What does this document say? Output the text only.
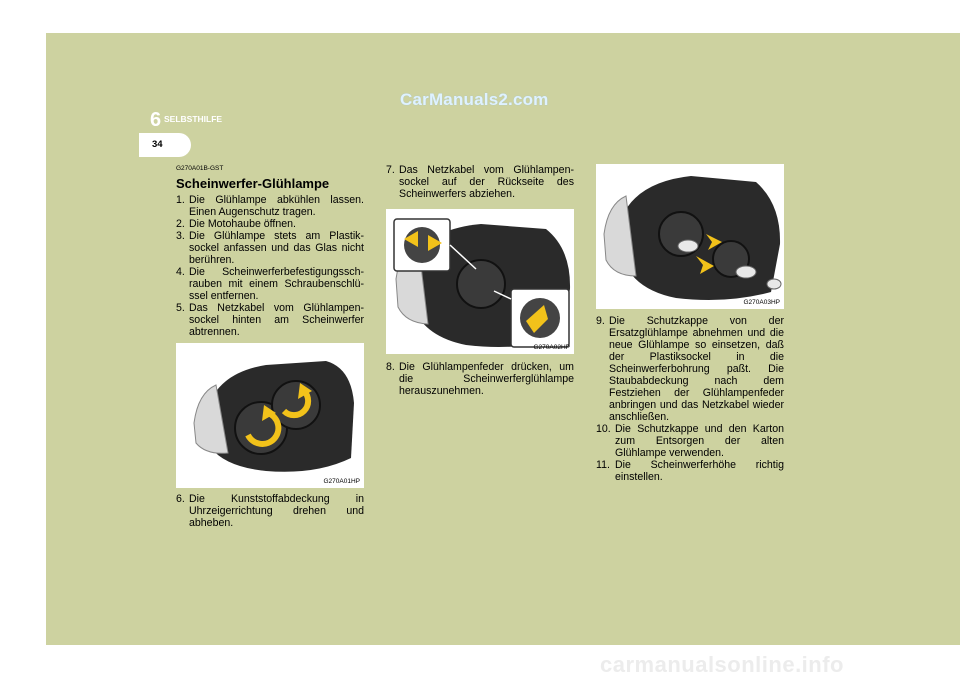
CarManuals2.com
6 SELBSTHILFE
34
G270A01B-GST
Scheinwerfer-Glühlampe
1. Die Glühlampe abkühlen lassen. Einen Augenschutz tragen.
2. Die Motohaube öffnen.
3. Die Glühlampe stets am Plastik-sockel anfassen und das Glas nicht berühren.
4. Die Scheinwerferbefestigungssch-rauben mit einem Schraubenschlü-ssel entfernen.
5. Das Netzkabel vom Glühlampen-sockel hinten am Scheinwerfer abtrennen.
G270A01HP
6. Die Kunststoffabdeckung in Uhrzeigerrichtung drehen und abheben.
7. Das Netzkabel vom Glühlampen-sockel auf der Rückseite des Scheinwerfers abziehen.
G270A02HP
8. Die Glühlampenfeder drücken, um die Scheinwerferglühlampe herauszunehmen.
G270A03HP
9. Die Schutzkappe von der Ersatzglühlampe abnehmen und die neue Glühlampe so einsetzen, daß der Plastiksockel in die Scheinwerferbohrung paßt. Die Staubabdeckung nach dem Festziehen der Glühlampenfeder anbringen und das Netzkabel wieder anschließen.
10. Die Schutzkappe und den Karton zum Entsorgen der alten Glühlampe verwenden.
11. Die Scheinwerferhöhe richtig einstellen.
carmanualsonline.info
